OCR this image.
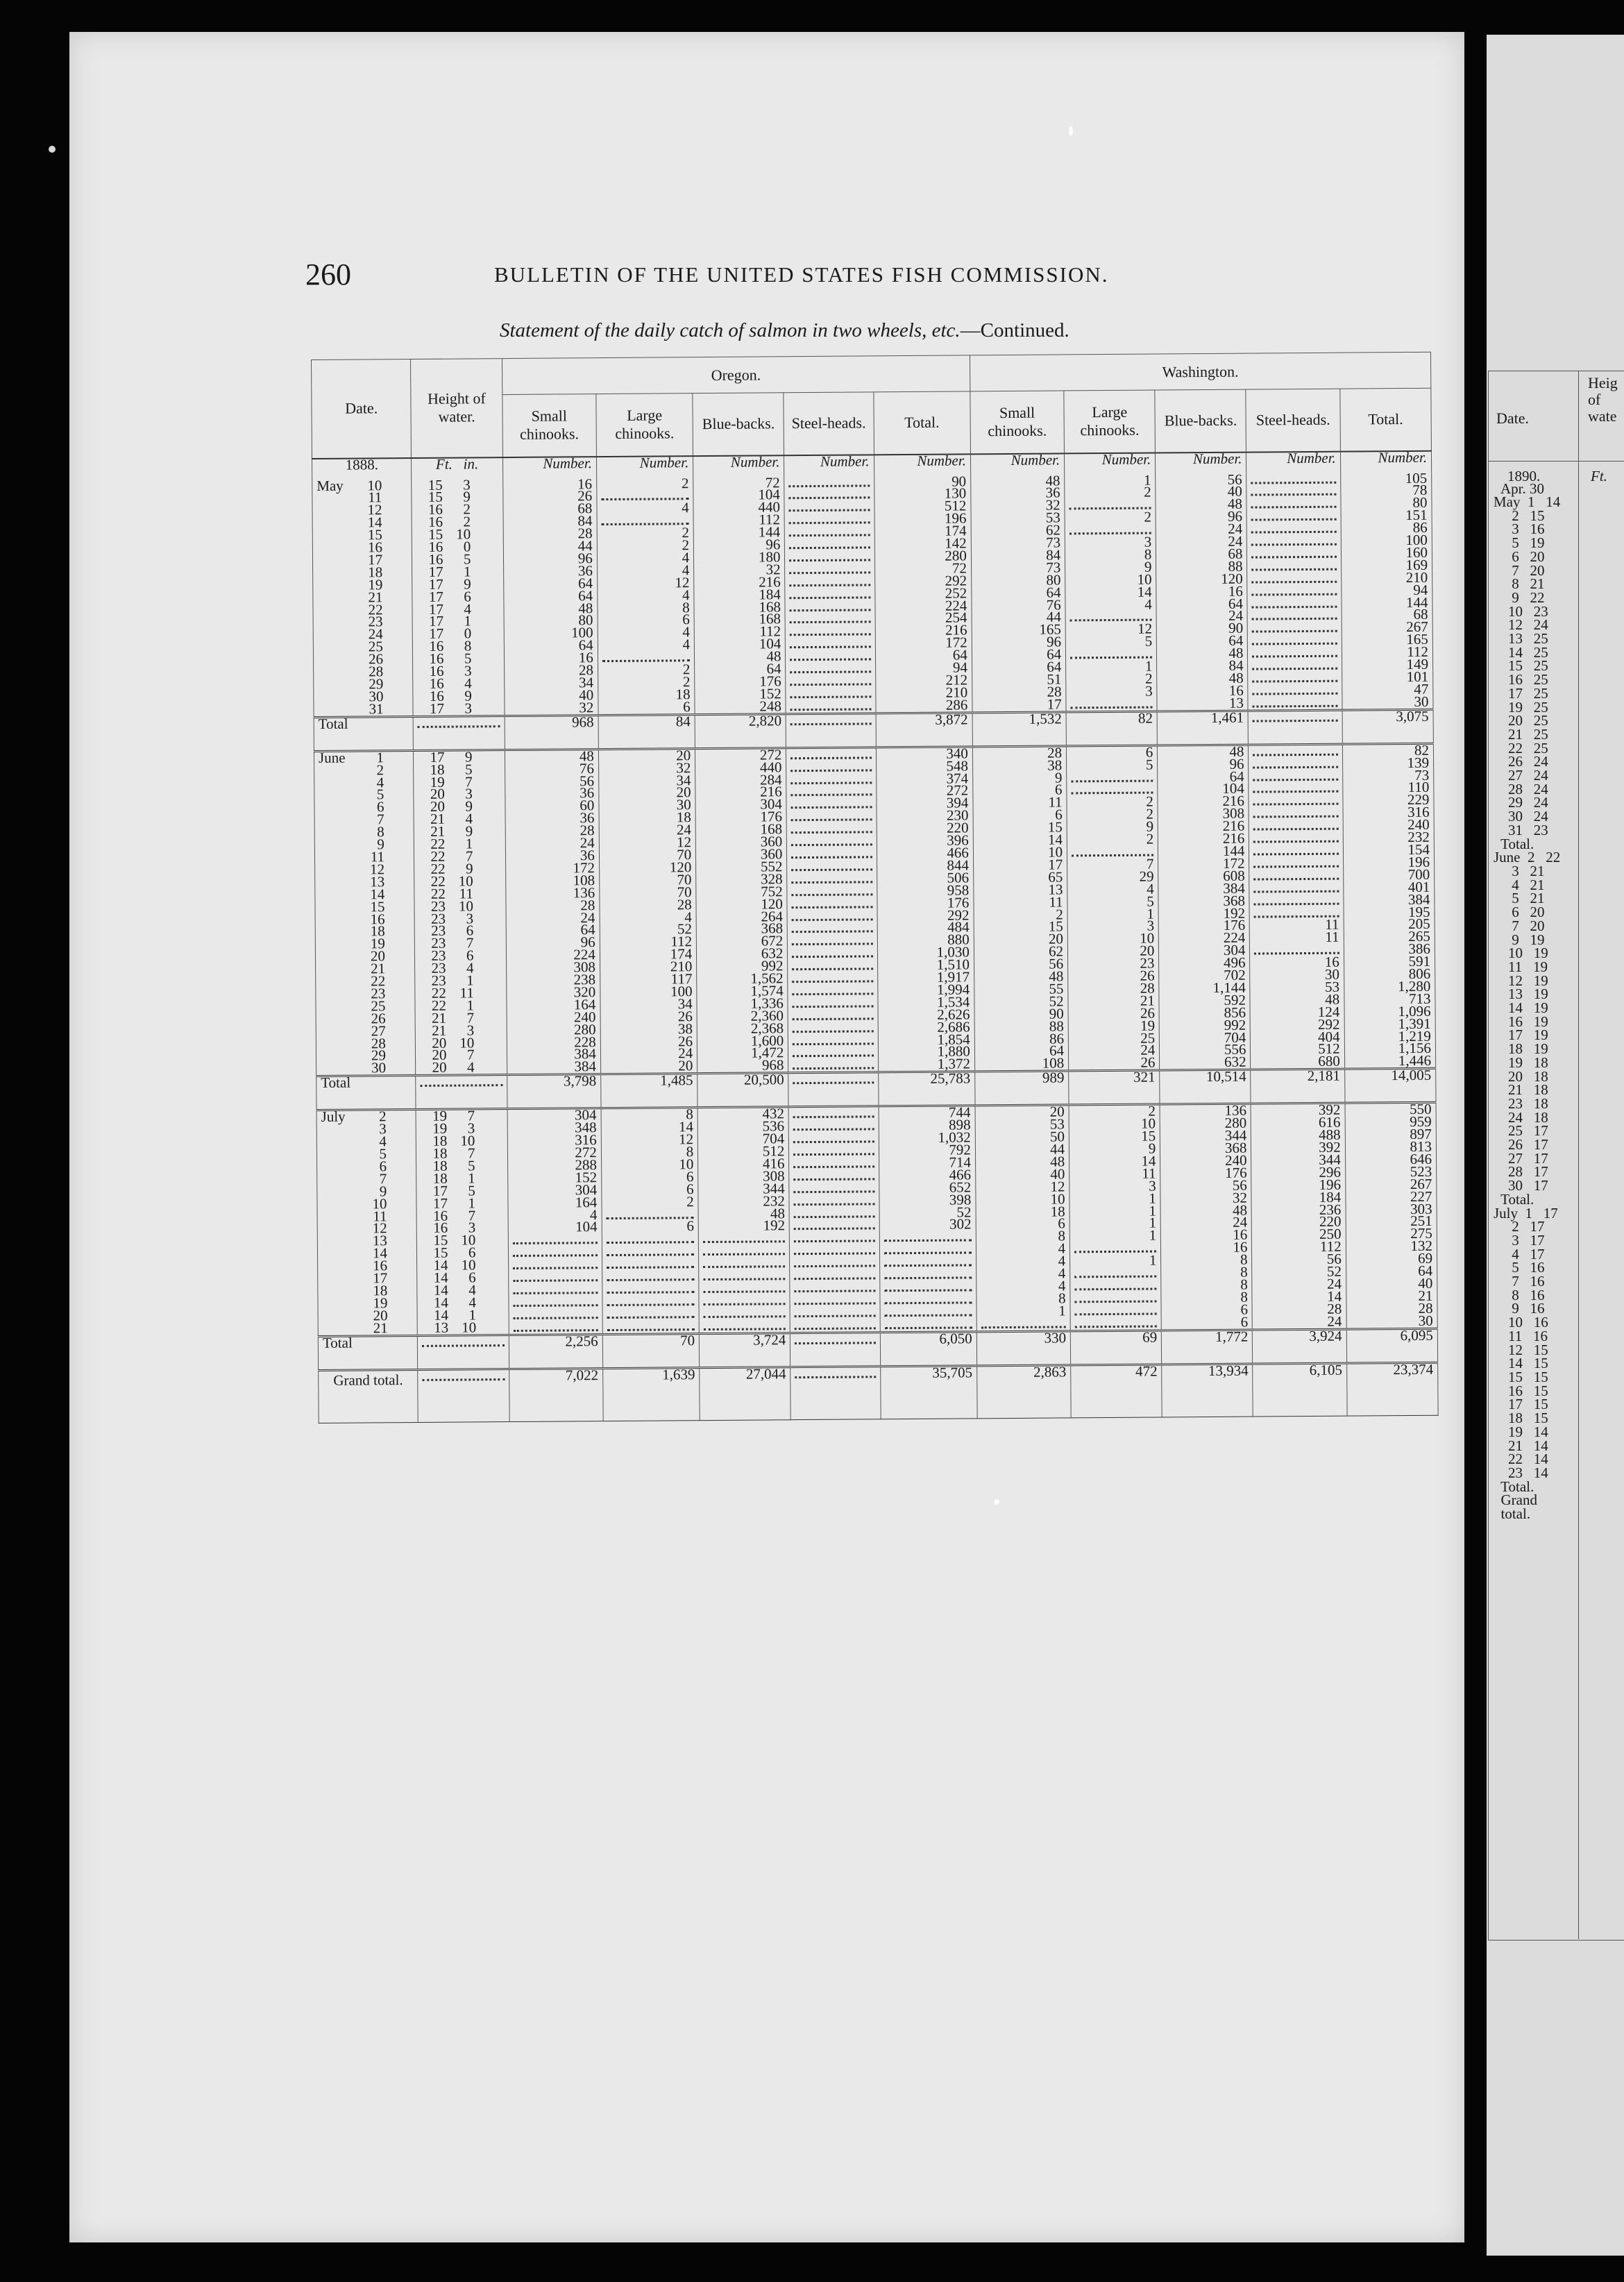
260	BULLETIN OF THE UNITED STATES FISH COMMISSION.
Statement of the daily catch of salmon in two wheels, etc.—Continued.
Date.	Height of water.	Oregon.					Washington.				
		Small chinooks.	Large chinooks.	Blue-backs.	Steel-heads.	Total.	Small chinooks.	Large chinooks.	Blue-backs.	Steel-heads.	Total.
1888.	Ft. in.	Number.	Number.	Number.	Number.	Number.	Number.	Number.	Number.	Number.	Number.
May 10	15 3	16	2	72		90	48	1	56		105
11	15 9	26		104		130	36	2	40		78
12	16 2	68	4	440		512	32		48		80
14	16 2	84		112		196	53	2	96		151
15	15 10	28	2	144		174	62		24		86
16	16 0	44	2	96		142	73	3	24		100
17	16 5	96	4	180		280	84	8	68		160
18	17 1	36	4	32		72	73	9	88		169
19	17 9	64	12	216		292	80	10	120		210
21	17 6	64	4	184		252	64	14	16		94
22	17 4	48	8	168		224	76	4	64		144
23	17 1	80	6	168		254	44		24		68
24	17 0	100	4	112		216	165	12	90		267
25	16 8	64	4	104		172	96	5	64		165
26	16 5	16		48		64	64		48		112
28	16 3	28	2	64		94	64	1	84		149
29	16 4	34	2	176		212	51	2	48		101
30	16 9	40	18	152		210	28	3	16		47
31	17 3	32	6	248		286	17		13		30
Total		968	84	2,820		3,872	1,532	82	1,461		3,075
June 1	17 9	48	20	272		340	28	6	48		82
2	18 5	76	32	440		548	38	5	96		139
4	19 7	56	34	284		374	9		64		73
5	20 3	36	20	216		272	6		104		110
6	20 9	60	30	304		394	11	2	216		229
7	21 4	36	18	176		230	6	2	308		316
8	21 9	28	24	168		220	15	9	216		240
9	22 1	24	12	360		396	14	2	216		232
11	22 7	36	70	360		466	10		144		154
12	22 9	172	120	552		844	17	7	172		196
13	22 10	108	70	328		506	65	29	608		700
14	22 11	136	70	752		958	13	4	384		401
15	23 10	28	28	120		176	11	5	368		384
16	23 3	24	4	264		292	2	1	192		195
18	23 6	64	52	368		484	15	3	176	11	205
19	23 7	96	112	672		880	20	10	224	11	265
20	23 6	224	174	632		1,030	62	20	304		386
21	23 4	308	210	992		1,510	56	23	496	16	591
22	23 1	238	117	1,562		1,917	48	26	702	30	806
23	22 11	320	100	1,574		1,994	55	28	1,144	53	1,280
25	22 1	164	34	1,336		1,534	52	21	592	48	713
26	21 7	240	26	2,360		2,626	90	26	856	124	1,096
27	21 3	280	38	2,368		2,686	88	19	992	292	1,391
28	20 10	228	26	1,600		1,854	86	25	704	404	1,219
29	20 7	384	24	1,472		1,880	64	24	556	512	1,156
30	20 4	384	20	968		1,372	108	26	632	680	1,446
Total		3,798	1,485	20,500		25,783	989	321	10,514	2,181	14,005
July 2	19 7	304	8	432		744	20	2	136	392	550
3	19 3	348	14	536		898	53	10	280	616	959
4	18 10	316	12	704		1,032	50	15	344	488	897
5	18 7	272	8	512		792	44	9	368	392	813
6	18 5	288	10	416		714	48	14	240	344	646
7	18 1	152	6	308		466	40	11	176	296	523
9	17 5	304	6	344		652	12	3	56	196	267
10	17 1	164	2	232		398	10	1	32	184	227
11	16 7	4		48		52	18	1	48	236	303
12	16 3	104	6	192		302	6	1	24	220	251
13	15 10						8	1	16	250	275
14	15 6						4		16	112	132
16	14 10						4	1	8	56	69
17	14 6						4		8	52	64
18	14 4						4		8	24	40
19	14 4						8		8	14	21
20	14 1						1		6	28	28
21	13 10								6	24	30
Total		2,256	70	3,724		6,050	330	69	1,772	3,924	6,095
Grand total.		7,022	1,639	27,044		35,705	2,863	472	13,934	6,105	23,374
Date.
Heig of wate
1890.
Apr. 30
Ft.
May  1   14
2   15
3   16
5   19
6   20
7   20
8   21
9   22
10   23
12   24
13   25
14   25
15   25
16   25
17   25
19   25
20   25
21   25
22   25
26   24
27   24
28   24
29   24
30   24
31   23
Total.
June  2   22
3   21
4   21
5   21
6   20
7   20
9   19
10   19
11   19
12   19
13   19
14   19
16   19
17   19
18   19
19   18
20   18
21   18
23   18
24   18
25   17
26   17
27   17
28   17
30   17
Total.
July  1   17
2   17
3   17
4   17
5   16
7   16
8   16
9   16
10   16
11   16
12   15
14   15
15   15
16   15
17   15
18   15
19   14
21   14
22   14
23   14
Total.
Grand
total.
